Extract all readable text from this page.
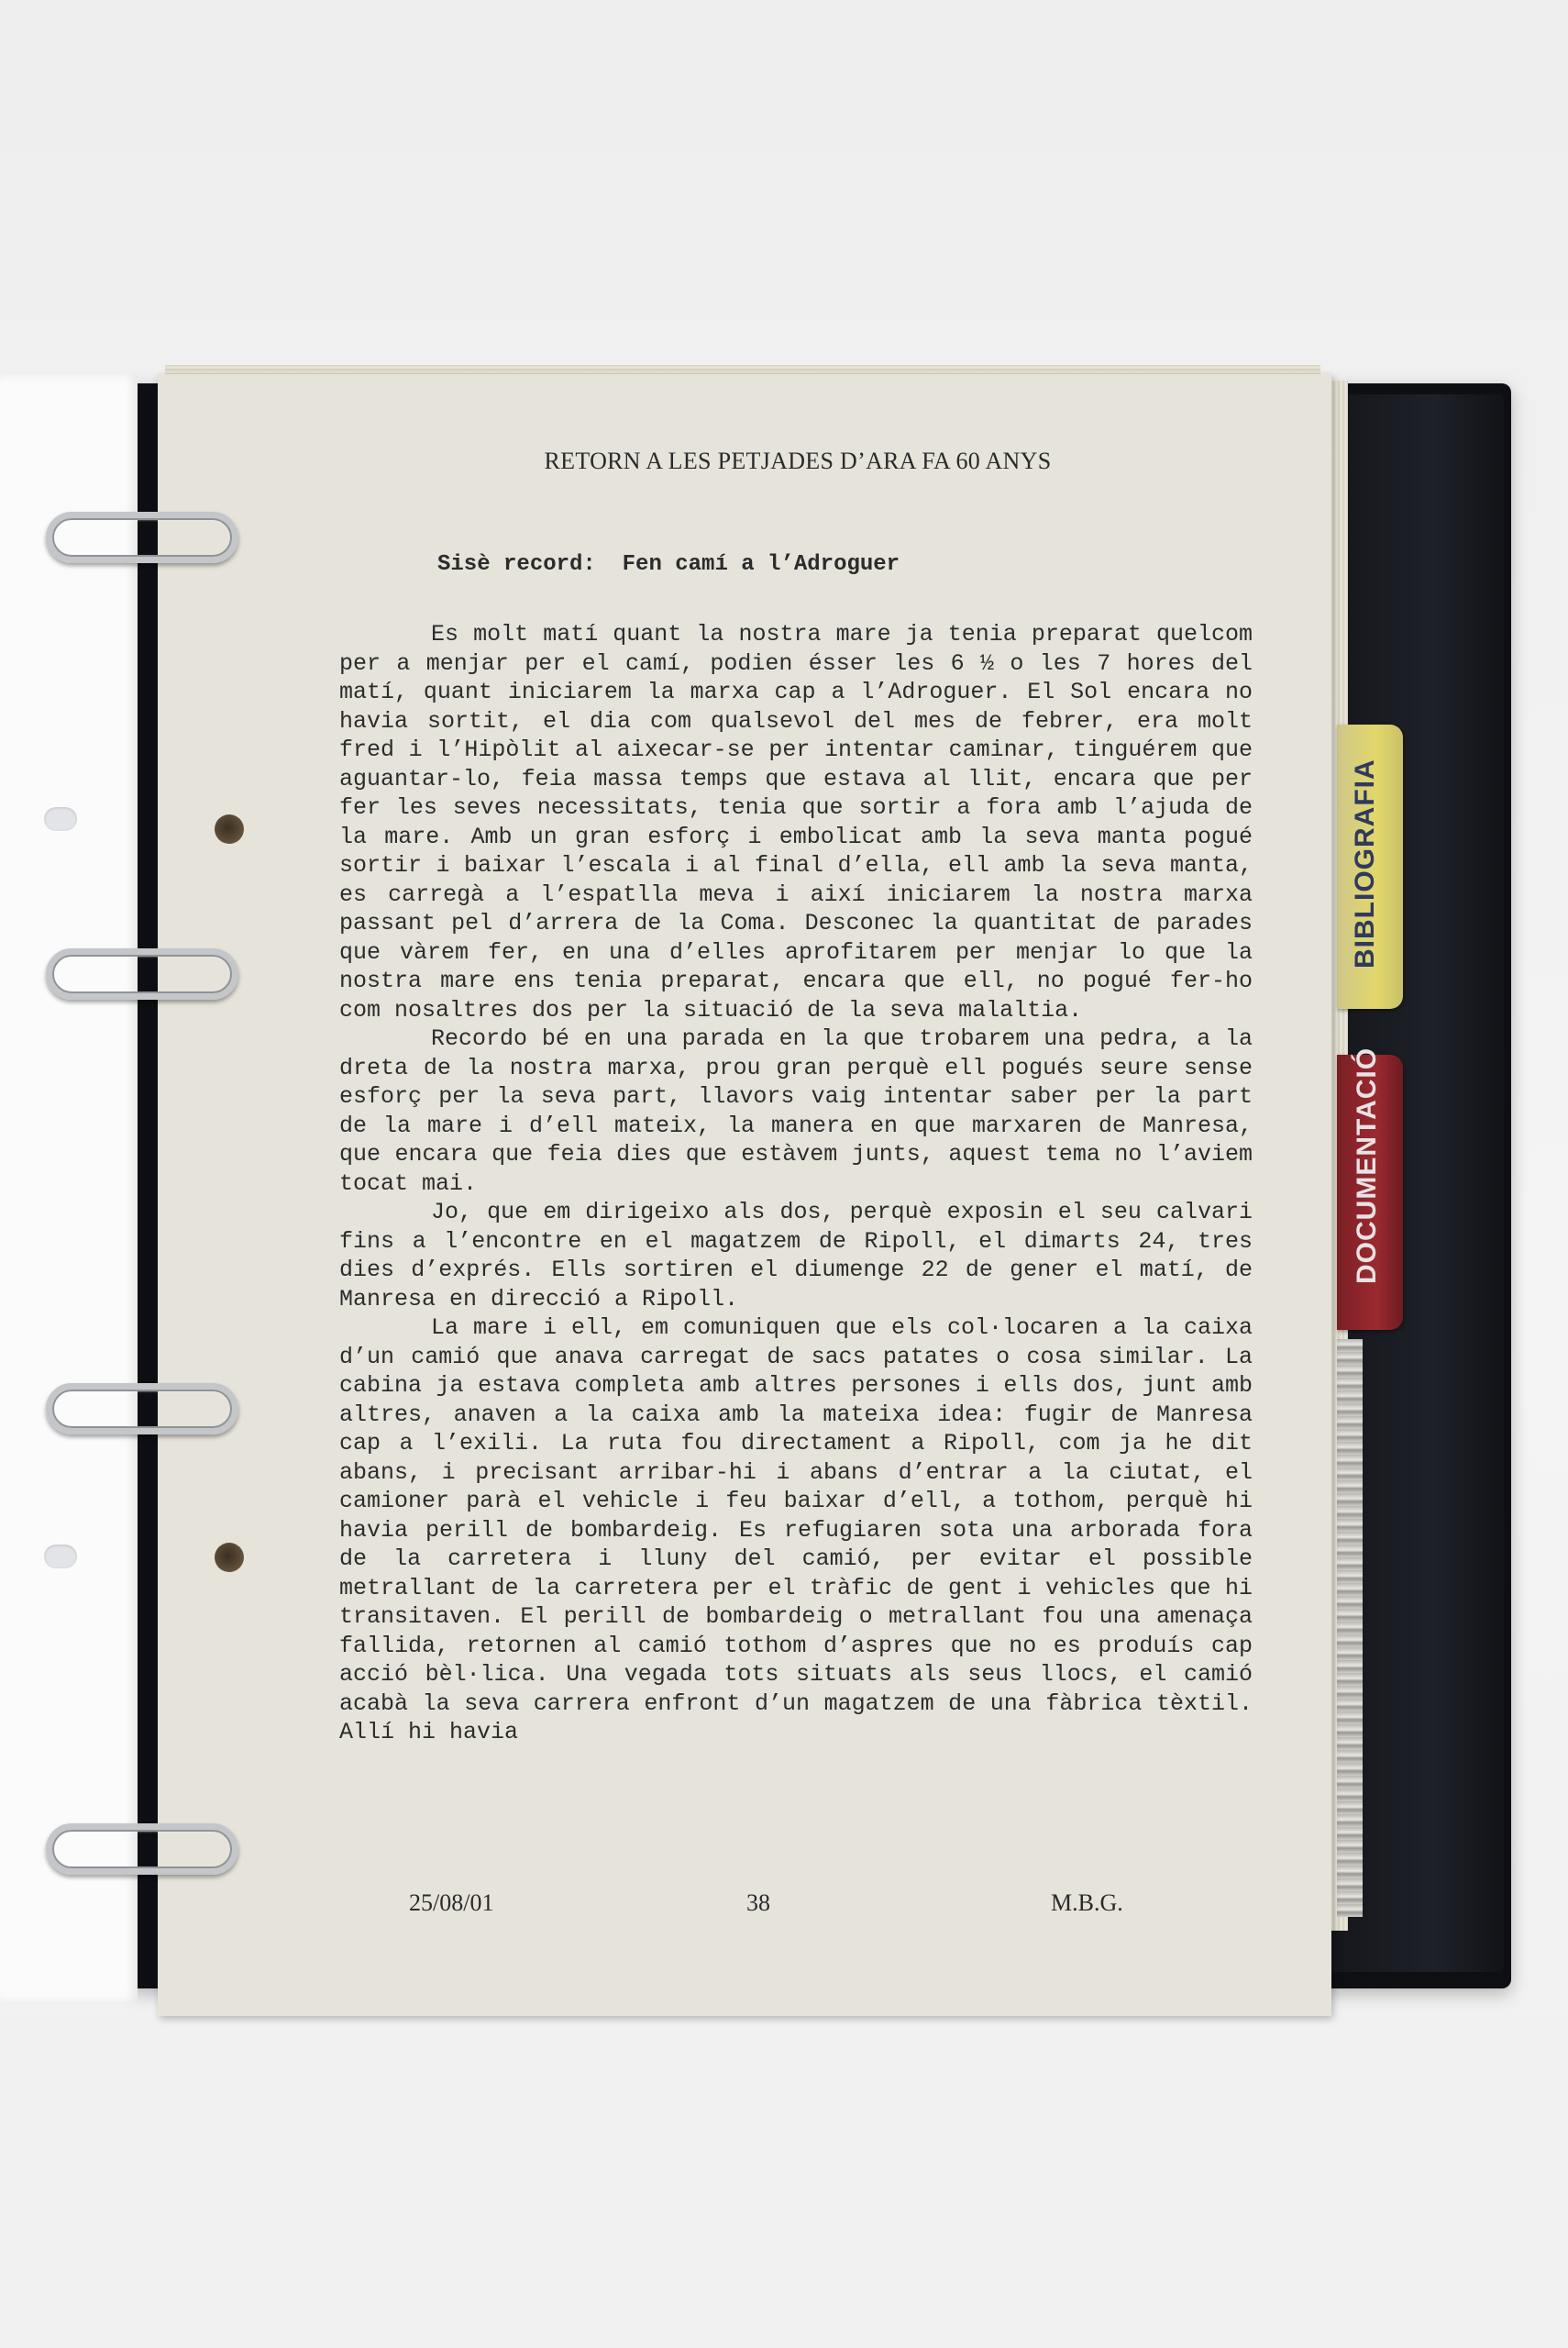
BIBLIOGRAFIA
DOCUMENTACIÓ
RETORN A LES PETJADES D’ARA FA 60 ANYS
Sisè record:  Fen camí a l’Adroguer

Es molt matí quant la nostra mare ja tenia preparat quelcom per a menjar per el camí, podien ésser les 6 ½ o les 7 hores del matí, quant iniciarem la marxa cap a l’Adroguer. El Sol encara no havia sortit, el dia com qualsevol del mes de febrer, era molt fred i l’Hipòlit al aixecar-se per intentar caminar, tinguérem que aguantar-lo, feia massa temps que estava al llit, encara que per fer les seves necessitats, tenia que sortir a fora amb l’ajuda de la mare. Amb un gran esforç i embolicat amb la seva manta pogué sortir i baixar l’escala i al final d’ella, ell amb la seva manta, es carregà a l’espatlla meva i així iniciarem la nostra marxa passant pel d’arrera de la Coma. Desconec la quantitat de parades que vàrem fer, en una d’elles aprofitarem per menjar lo que la nostra mare ens tenia preparat, encara que ell, no pogué fer-ho com nosaltres dos per la situació de la seva malaltia.

Recordo bé en una parada en la que trobarem una pedra, a la dreta de la nostra marxa, prou gran perquè ell pogués seure sense esforç per la seva part, llavors vaig intentar saber per la part de la mare i d’ell mateix, la manera en que marxaren de Manresa, que encara que feia dies que estàvem junts, aquest tema no l’aviem tocat mai.

Jo, que em dirigeixo als dos, perquè exposin el seu calvari fins a l’encontre en el magatzem de Ripoll, el dimarts 24, tres dies d’exprés. Ells sortiren el diumenge 22 de gener el matí, de Manresa en direcció a Ripoll.

La mare i ell, em comuniquen que els col·locaren a la caixa d’un camió que anava carregat de sacs patates o cosa similar. La cabina ja estava completa amb altres persones i ells dos, junt amb altres, anaven a la caixa amb la mateixa idea: fugir de Manresa cap a l’exili. La ruta fou directament a Ripoll, com ja he dit abans, i precisant arribar-hi i abans d’entrar a la ciutat, el camioner parà el vehicle i feu baixar d’ell, a tothom, perquè hi havia perill de bombardeig. Es refugiaren sota una arborada fora de la carretera i lluny del camió, per evitar el possible metrallant de la carretera per el tràfic de gent i vehicles que hi transitaven. El perill de bombardeig o metrallant fou una amenaça fallida, retornen al camió tothom d’aspres que no es produís cap acció bèl·lica. Una vegada tots situats als seus llocs, el camió acabà la seva carrera enfront d’un magatzem de una fàbrica tèxtil. Allí hi havia

25/08/01	38	M.B.G.
